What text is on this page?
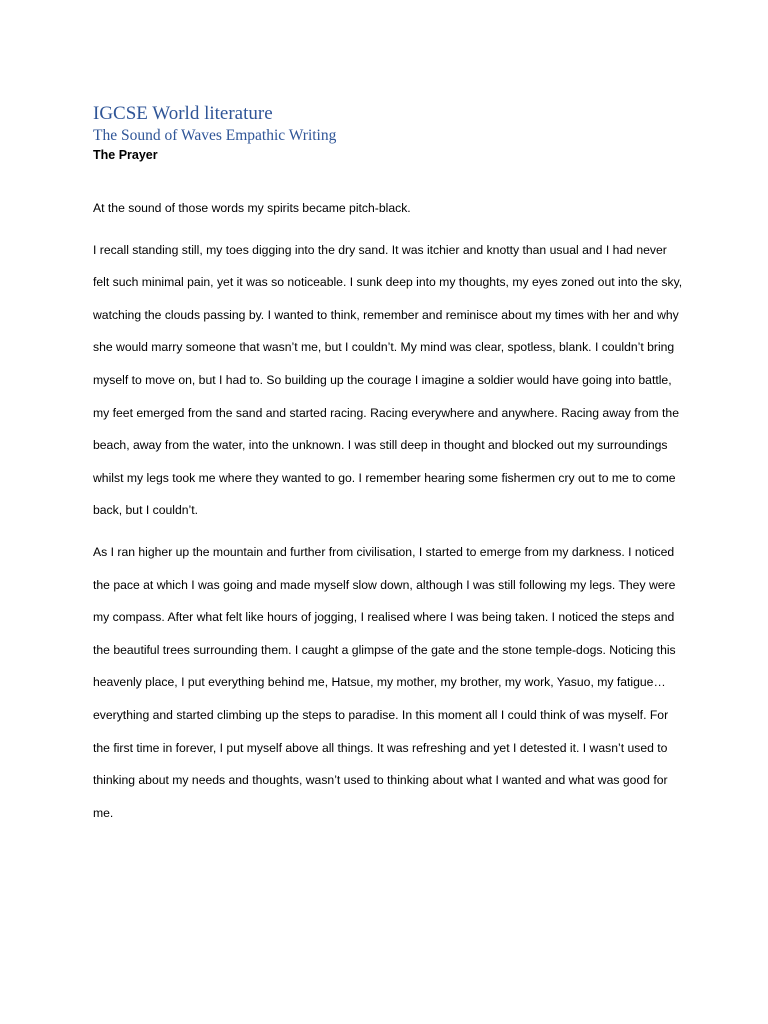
IGCSE World literature
The Sound of Waves Empathic Writing
The Prayer

At the sound of those words my spirits became pitch-black.

I recall standing still, my toes digging into the dry sand. It was itchier and knotty than usual and I had never felt such minimal pain, yet it was so noticeable. I sunk deep into my thoughts, my eyes zoned out into the sky, watching the clouds passing by. I wanted to think, remember and reminisce about my times with her and why she would marry someone that wasn’t me, but I couldn’t. My mind was clear, spotless, blank. I couldn’t bring myself to move on, but I had to. So building up the courage I imagine a soldier would have going into battle, my feet emerged from the sand and started racing. Racing everywhere and anywhere. Racing away from the beach, away from the water, into the unknown. I was still deep in thought and blocked out my surroundings whilst my legs took me where they wanted to go. I remember hearing some fishermen cry out to me to come back, but I couldn’t.

As I ran higher up the mountain and further from civilisation, I started to emerge from my darkness. I noticed the pace at which I was going and made myself slow down, although I was still following my legs. They were my compass. After what felt like hours of jogging, I realised where I was being taken. I noticed the steps and the beautiful trees surrounding them. I caught a glimpse of the gate and the stone temple-dogs. Noticing this heavenly place, I put everything behind me, Hatsue, my mother, my brother, my work, Yasuo, my fatigue… everything and started climbing up the steps to paradise. In this moment all I could think of was myself. For the first time in forever, I put myself above all things. It was refreshing and yet I detested it. I wasn’t used to thinking about my needs and thoughts, wasn’t used to thinking about what I wanted and what was good for me.
